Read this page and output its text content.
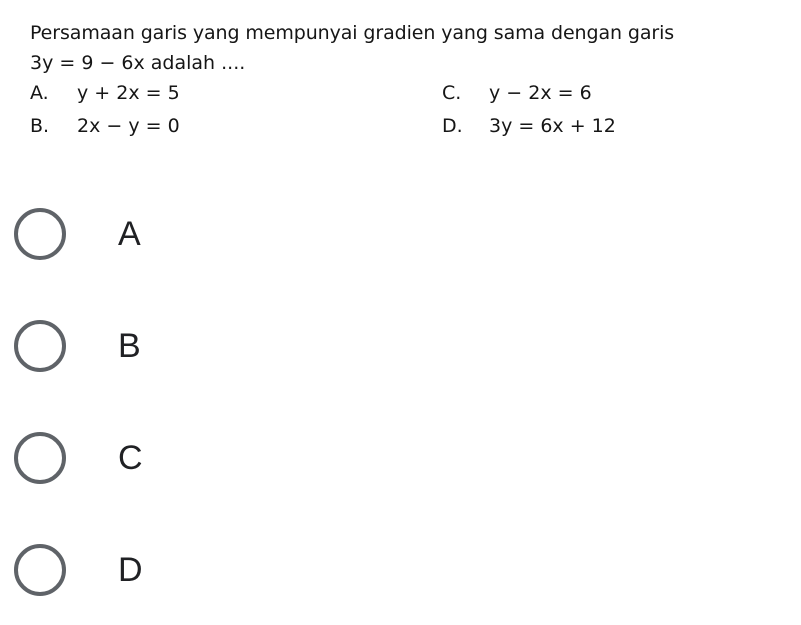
Persamaan garis yang mempunyai gradien yang sama dengan garis
3y = 9 − 6x adalah ....
A. y + 2x = 5
B. 2x − y = 0
C. y − 2x = 6
D. 3y = 6x + 12
A
B
C
D
